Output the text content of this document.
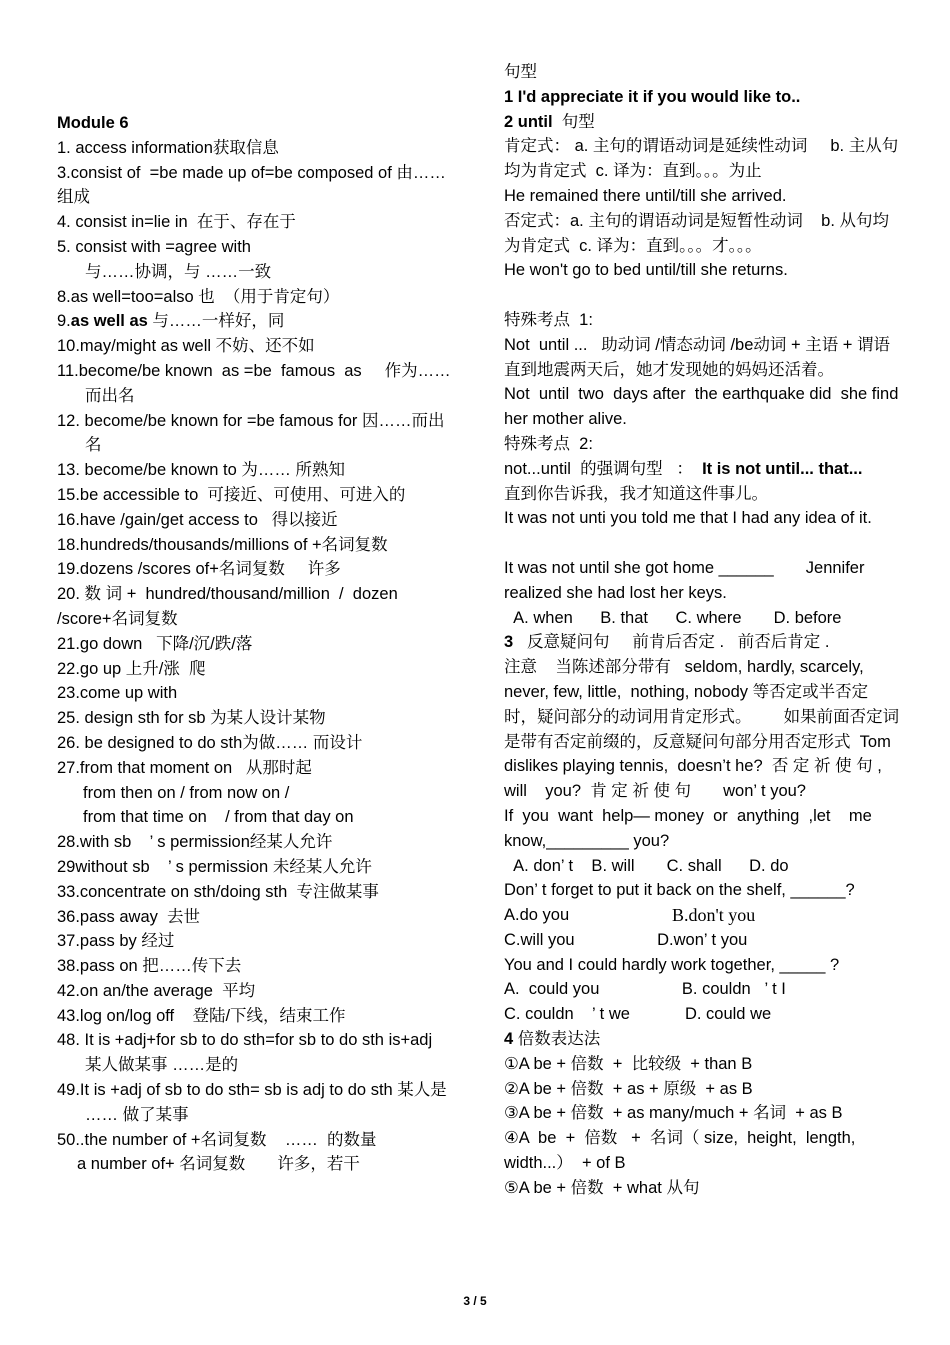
Module 6
1. access information获取信息
3.consist of  =be made up of=be composed of 由……组成
4. consist in=lie in  在于、存在于
5. consist with =agree with
与……协调，与 ……一致
8.as well=too=also 也  （用于肯定句）
9.as well as 与……一样好，同
10.may/might as well 不妨、还不如
11.become/be known  as =be  famous  as     作为……而出名
12. become/be known for =be famous for 因……而出名
13. become/be known to 为…… 所熟知
15.be accessible to  可接近、可使用、可进入的
16.have /gain/get access to   得以接近
18.hundreds/thousands/millions of +名词复数
19.dozens /scores of+名词复数     许多
20. 数 词 +  hundred/thousand/million  /  dozen /score+名词复数
21.go down   下降/沉/跌/落
22.go up 上升/涨  爬
23.come up with
25. design sth for sb 为某人设计某物
26. be designed to do sth为做…… 而设计
27.from that moment on   从那时起
from then on / from now on /
from that time on    / from that day on
28.with sb    ’ s permission经某人允许
29without sb    ’ s permission 未经某人允许
33.concentrate on sth/doing sth  专注做某事
36.pass away  去世
37.pass by 经过
38.pass on 把……传下去
42.on an/the average  平均
43.log on/log off    登陆/下线，结束工作
48. It is +adj+for sb to do sth=for sb to do sth is+adj  某人做某事 ……是的
49.It is +adj of sb to do sth= sb is adj to do sth 某人是 …… 做了某事
50..the number of +名词复数    ……  的数量
a number of+ 名词复数       许多，若干
句型
1 I'd appreciate it if you would like to..
2 until  句型
肯定式： a. 主句的谓语动词是延续性动词     b. 主从句均为肯定式  c. 译为：直到。。。为止
He remained there until/till she arrived.
否定式：a. 主句的谓语动词是短暂性动词    b. 从句均为肯定式  c. 译为：直到。。。才。。。
He won't go to bed until/till she returns.
特殊考点  1:
Not  until ...   助动词 /情态动词 /be动词 + 主语 + 谓语
直到地震两天后，她才发现她的妈妈还活着。
Not  until  two  days after  the earthquake did  she find her mother alive.
特殊考点  2:
not...until  的强调句型   ：  It is not until... that...
直到你告诉我，我才知道这件事儿。
It was not unti you told me that I had any idea of it.
It was not until she got home ______       Jennifer realized she had lost her keys.
A. when      B. that      C. where       D. before
3   反意疑问句     前肯后否定 .   前否后肯定 .
注意    当陈述部分带有   seldom, hardly, scarcely, never, few, little,  nothing, nobody 等否定或半否定时，疑问部分的动词用肯定形式。       如果前面否定词是带有否定前缀的，反意疑问句部分用否定形式  Tom dislikes playing tennis,  doesn’t he?  否 定 祈 使 句 ,   will    you?  肯 定 祈 使 句       won’ t you?
If  you  want  help— money  or  anything  ,let    me know,_________ you?
A. don’ t    B. will       C. shall      D. do
Don’ t forget to put it back on the shelf, ______?
A.do you	B.don't you
C.will you                  D.won’ t you
You and I could hardly work together, _____ ?
A.  could you                  B. couldn   ’ t I
C. couldn    ’ t we            D. could we
4 倍数表达法
①A be + 倍数  +  比较级  + than B
②A be + 倍数  + as + 原级  + as B
③A be + 倍数  + as many/much + 名词  + as B
④A  be  +  倍数   +  名词（ size,  height,  length, width...）  + of B
⑤A be + 倍数  + what 从句
3 / 5
